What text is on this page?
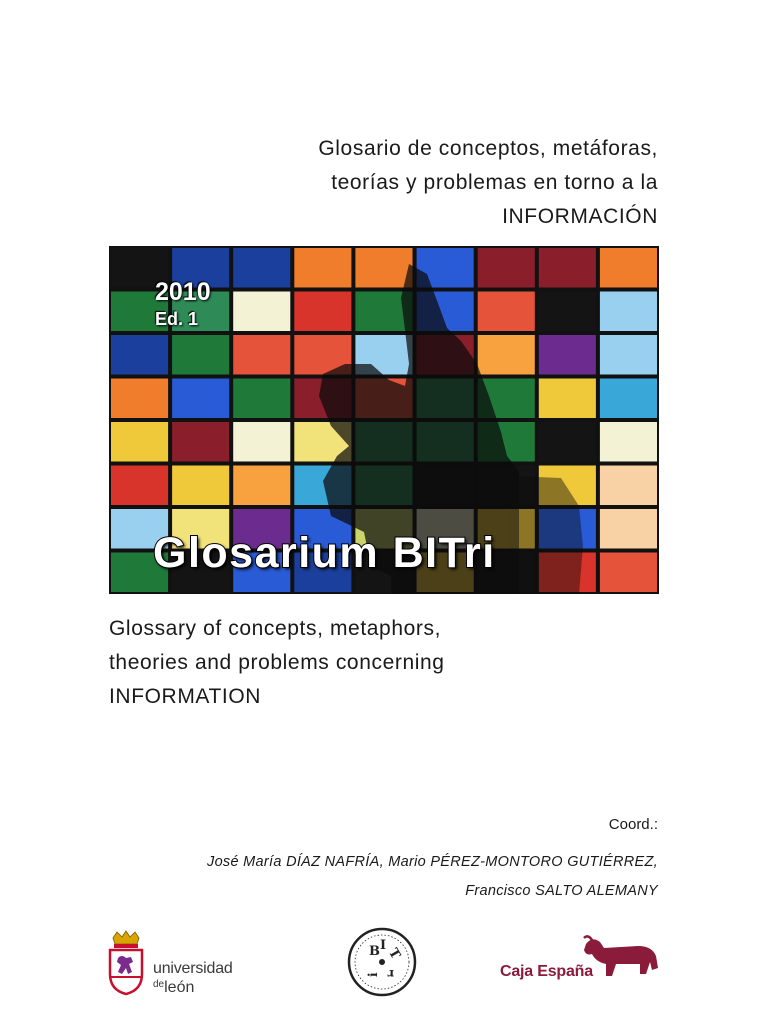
Glosario de conceptos, metáforas,
teorías y problemas en torno a la
INFORMACIÓN
2010
Ed. 1
Glosarium BITri
Glossary of concepts, metaphors,
theories and problems concerning
INFORMATION
Coord.:
José María DÍAZ NAFRÍA, Mario PÉREZ-MONTORO GUTIÉRREZ,
Francisco SALTO ALEMANY
universidad
$^{de}$león
B I
T
r
i	Caja España
